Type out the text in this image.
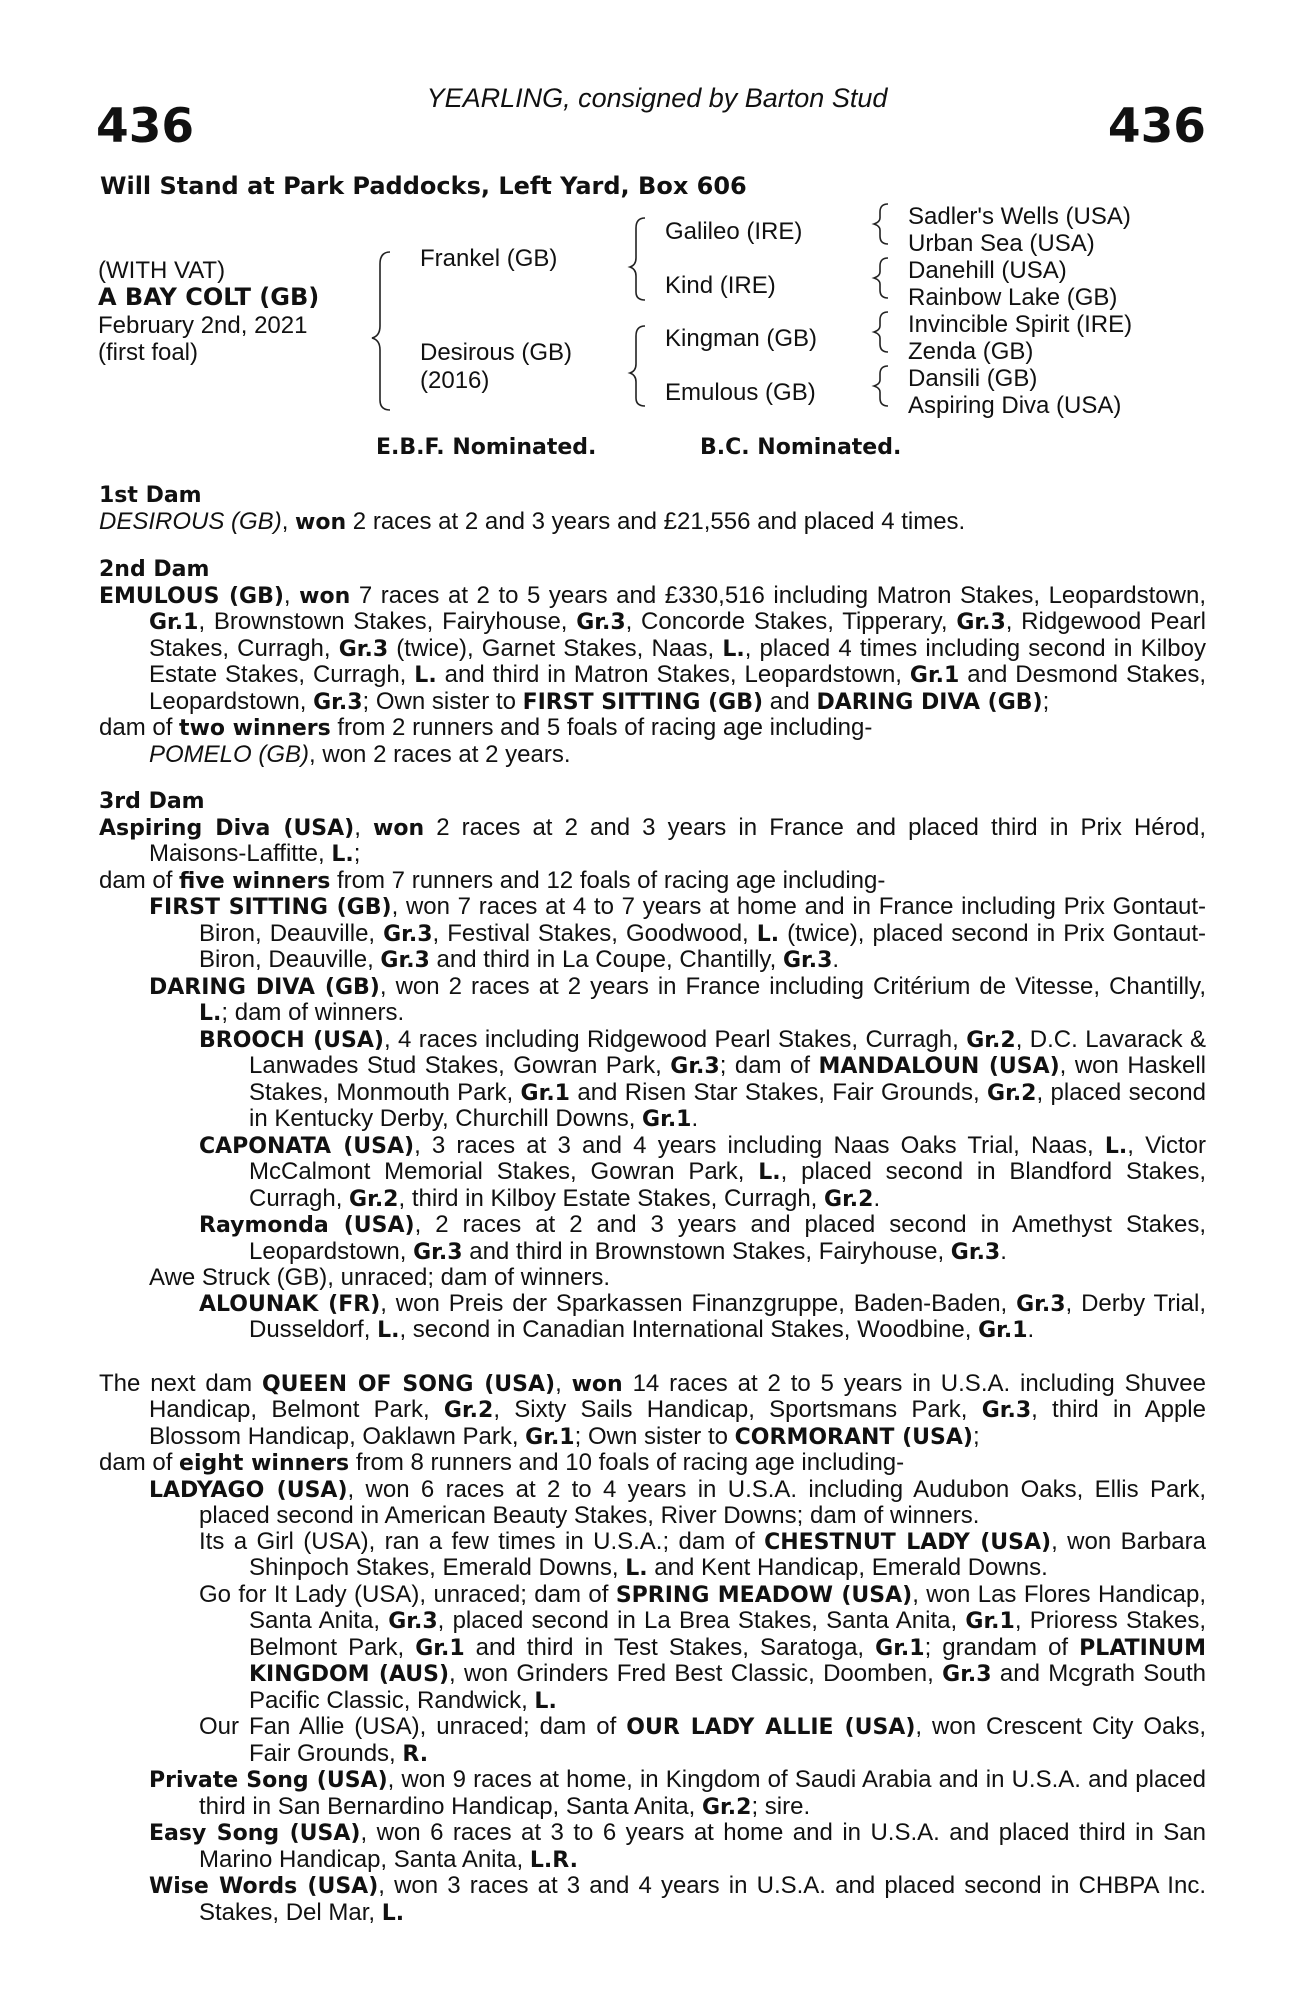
YEARLING, consigned by Barton Stud
436	436
Will Stand at Park Paddocks, Left Yard, Box 606
(WITH VAT)
A BAY COLT (GB)
February 2nd, 2021
(first foal)
Frankel (GB)
Desirous (GB)
(2016)
Galileo (IRE)
Kind (IRE)
Kingman (GB)
Emulous (GB)
Sadler's Wells (USA)
Urban Sea (USA)
Danehill (USA)
Rainbow Lake (GB)
Invincible Spirit (IRE)
Zenda (GB)
Dansili (GB)
Aspiring Diva (USA)
E.B.F. Nominated.	B.C. Nominated.
1st Dam
DESIROUS (GB), won 2 races at 2 and 3 years and £21,556 and placed 4 times.
2nd Dam
EMULOUS (GB), won 7 races at 2 to 5 years and £330,516 including Matron Stakes, Leopardstown, Gr.1, Brownstown Stakes, Fairyhouse, Gr.3, Concorde Stakes, Tipperary, Gr.3, Ridgewood Pearl Stakes, Curragh, Gr.3 (twice), Garnet Stakes, Naas, L., placed 4 times including second in Kilboy Estate Stakes, Curragh, L. and third in Matron Stakes, Leopardstown, Gr.1 and Desmond Stakes, Leopardstown, Gr.3; Own sister to FIRST SITTING (GB) and DARING DIVA (GB);
dam of two winners from 2 runners and 5 foals of racing age including-
POMELO (GB), won 2 races at 2 years.
3rd Dam
Aspiring Diva (USA), won 2 races at 2 and 3 years in France and placed third in Prix Hérod, Maisons-Laffitte, L.;
dam of five winners from 7 runners and 12 foals of racing age including-
FIRST SITTING (GB), won 7 races at 4 to 7 years at home and in France including Prix Gontaut-Biron, Deauville, Gr.3, Festival Stakes, Goodwood, L. (twice), placed second in Prix Gontaut-Biron, Deauville, Gr.3 and third in La Coupe, Chantilly, Gr.3.
DARING DIVA (GB), won 2 races at 2 years in France including Critérium de Vitesse, Chantilly, L.; dam of winners.
BROOCH (USA), 4 races including Ridgewood Pearl Stakes, Curragh, Gr.2, D.C. Lavarack & Lanwades Stud Stakes, Gowran Park, Gr.3; dam of MANDALOUN (USA), won Haskell Stakes, Monmouth Park, Gr.1 and Risen Star Stakes, Fair Grounds, Gr.2, placed second in Kentucky Derby, Churchill Downs, Gr.1.
CAPONATA (USA), 3 races at 3 and 4 years including Naas Oaks Trial, Naas, L., Victor McCalmont Memorial Stakes, Gowran Park, L., placed second in Blandford Stakes, Curragh, Gr.2, third in Kilboy Estate Stakes, Curragh, Gr.2.
Raymonda (USA), 2 races at 2 and 3 years and placed second in Amethyst Stakes, Leopardstown, Gr.3 and third in Brownstown Stakes, Fairyhouse, Gr.3.
Awe Struck (GB), unraced; dam of winners.
ALOUNAK (FR), won Preis der Sparkassen Finanzgruppe, Baden-Baden, Gr.3, Derby Trial, Dusseldorf, L., second in Canadian International Stakes, Woodbine, Gr.1.
The next dam QUEEN OF SONG (USA), won 14 races at 2 to 5 years in U.S.A. including Shuvee Handicap, Belmont Park, Gr.2, Sixty Sails Handicap, Sportsmans Park, Gr.3, third in Apple Blossom Handicap, Oaklawn Park, Gr.1; Own sister to CORMORANT (USA);
dam of eight winners from 8 runners and 10 foals of racing age including-
LADYAGO (USA), won 6 races at 2 to 4 years in U.S.A. including Audubon Oaks, Ellis Park, placed second in American Beauty Stakes, River Downs; dam of winners.
Its a Girl (USA), ran a few times in U.S.A.; dam of CHESTNUT LADY (USA), won Barbara Shinpoch Stakes, Emerald Downs, L. and Kent Handicap, Emerald Downs.
Go for It Lady (USA), unraced; dam of SPRING MEADOW (USA), won Las Flores Handicap, Santa Anita, Gr.3, placed second in La Brea Stakes, Santa Anita, Gr.1, Prioress Stakes, Belmont Park, Gr.1 and third in Test Stakes, Saratoga, Gr.1; grandam of PLATINUM KINGDOM (AUS), won Grinders Fred Best Classic, Doomben, Gr.3 and Mcgrath South Pacific Classic, Randwick, L.
Our Fan Allie (USA), unraced; dam of OUR LADY ALLIE (USA), won Crescent City Oaks, Fair Grounds, R.
Private Song (USA), won 9 races at home, in Kingdom of Saudi Arabia and in U.S.A. and placed third in San Bernardino Handicap, Santa Anita, Gr.2; sire.
Easy Song (USA), won 6 races at 3 to 6 years at home and in U.S.A. and placed third in San Marino Handicap, Santa Anita, L.R.
Wise Words (USA), won 3 races at 3 and 4 years in U.S.A. and placed second in CHBPA Inc. Stakes, Del Mar, L.
